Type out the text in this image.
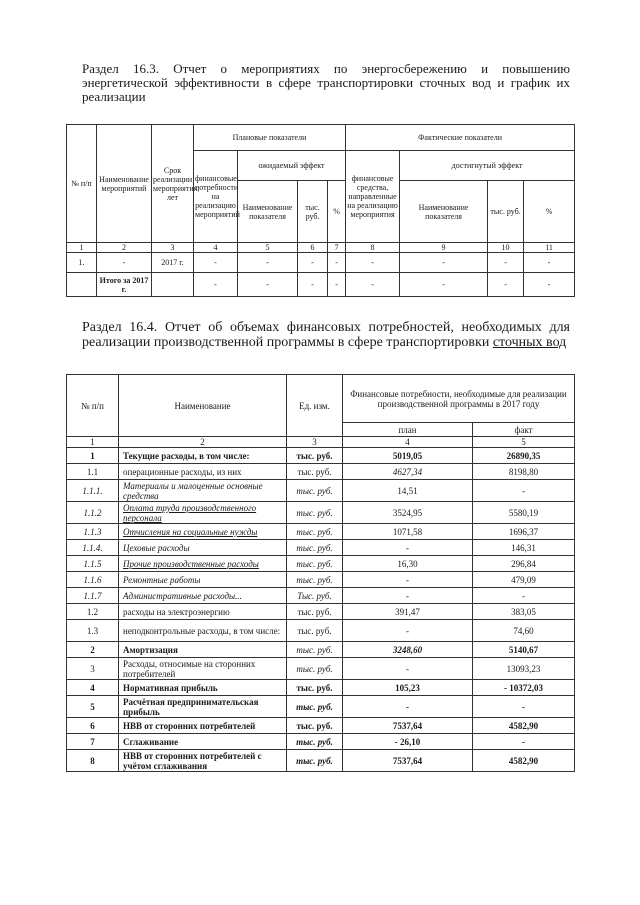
Раздел 16.3. Отчет о мероприятиях по энергосбережению и повышению энергетической эффективности в сфере транспортировки сточных вод и график их реализации
№ п/п	Наименование мероприятий	Срок реализации мероприятия, лет	Плановые показатели				Фактические показатели			
			финансовые потребности на реализацию мероприятий	ожидаемый эффект			финансовые средства, направленные на реализацию мероприятия	достигнутый эффект		
				Наименование показателя	тыс. руб.	%		Наименование показателя	тыс. руб.	%
1	2	3	4	5	6	7	8	9	10	11
1.	-	2017 г.	-	-	-	-	-	-	-	-
	Итого за 2017 г.		-	-	-	-	-	-	-	-
Раздел 16.4. Отчет об объемах финансовых потребностей, необходимых для реализации производственной программы в сфере транспортировки сточных вод
№ п/п	Наименование	Ед. изм.	Финансовые потребности, необходимые для реализации производственной программы в 2017 году	
			план	факт
1	2	3	4	5
1	Текущие расходы, в том числе:	тыс. руб.	5019,05	26890,35
1.1	операционные расходы, из них	тыс. руб.	4627,34	8198,80
1.1.1.	Материалы и малоценные основные средства	тыс. руб.	14,51	-
1.1.2	Оплата труда производственного персонала	тыс. руб.	3524,95	5580,19
1.1.3	Отчисления на социальные нужды	тыс. руб.	1071,58	1696,37
1.1.4.	Цеховые расходы	тыс. руб.	-	146,31
1.1.5	Прочие производственные расходы	тыс. руб.	16,30	296,84
1.1.6	Ремонтные работы	тыс. руб.	-	479,09
1.1.7	Административные расходы...	Тыс. руб.	-	-
1.2	расходы на электроэнергию	тыс. руб.	391,47	383,05
1.3	неподконтрольные расходы, в том числе:	тыс. руб.	-	74,60
2	Амортизация	тыс. руб.	3248,60	5140,67
3	Расходы, относимые на сторонних потребителей	тыс. руб.	-	13093,23
4	Нормативная прибыль	тыс. руб.	105,23	- 10372,03
5	Расчётная предпринимательская прибыль	тыс. руб.	-	-
6	НВВ от сторонних потребителей	тыс. руб.	7537,64	4582,90
7	Сглаживание	тыс. руб.	- 26,10	-
8	НВВ от сторонних потребителей с учётом сглаживания	тыс. руб.	7537,64	4582,90
